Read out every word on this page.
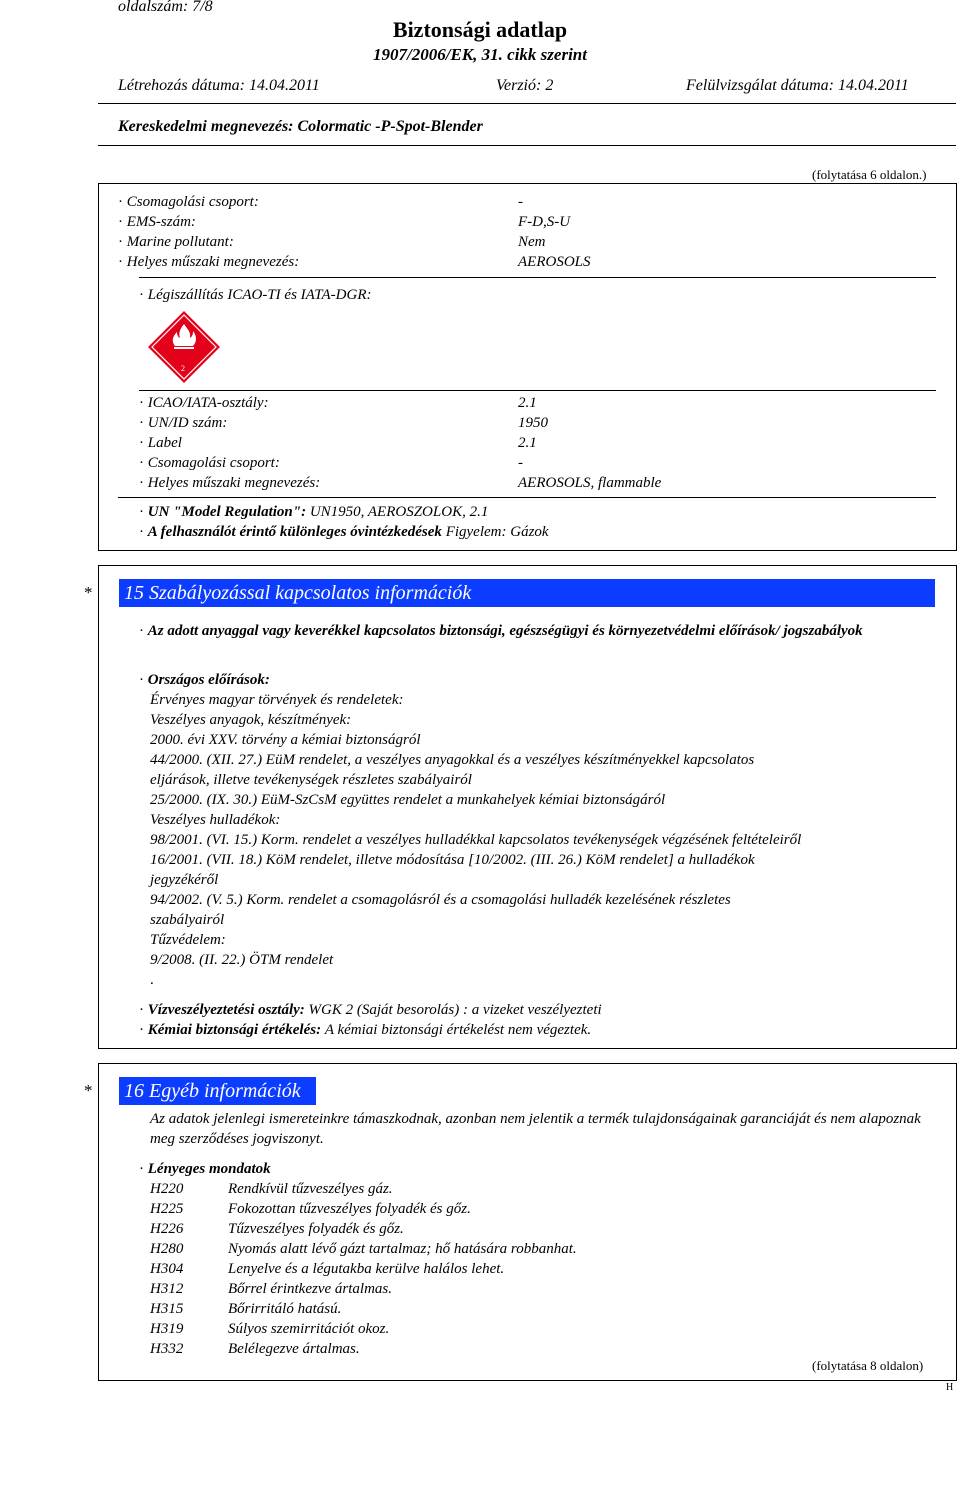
oldalszám: 7/8
Biztonsági adatlap
1907/2006/EK, 31. cikk szerint
Létrehozás dátuma: 14.04.2011	Verzió: 2	Felülvizsgálat dátuma: 14.04.2011
Kereskedelmi megnevezés: Colormatic -P-Spot-Blender
(folytatása 6 oldalon.)
· Csomagolási csoport:	-
· EMS-szám:	F-D,S-U
· Marine pollutant:	Nem
· Helyes műszaki megnevezés:	AEROSOLS
· Légiszállítás ICAO-TI és IATA-DGR:
2
· ICAO/IATA-osztály:	2.1
· UN/ID szám:	1950
· Label	2.1
· Csomagolási csoport:	-
· Helyes műszaki megnevezés:	AEROSOLS, flammable
· UN "Model Regulation": UN1950, AEROSZOLOK, 2.1
· A felhasználót érintő különleges óvintézkedések Figyelem: Gázok
* 15 Szabályozással kapcsolatos információk
· Az adott anyaggal vagy keverékkel kapcsolatos biztonsági, egészségügyi és környezetvédelmi előírások/ jogszabályok
· Országos előírások:
Érvényes magyar törvények és rendeletek:
Veszélyes anyagok, készítmények:
2000. évi XXV. törvény a kémiai biztonságról
44/2000. (XII. 27.) EüM rendelet, a veszélyes anyagokkal és a veszélyes készítményekkel kapcsolatos
eljárások, illetve tevékenységek részletes szabályairól
25/2000. (IX. 30.) EüM-SzCsM együttes rendelet a munkahelyek kémiai biztonságáról
Veszélyes hulladékok:
98/2001. (VI. 15.) Korm. rendelet a veszélyes hulladékkal kapcsolatos tevékenységek végzésének feltételeiről
16/2001. (VII. 18.) KöM rendelet, illetve módosítása [10/2002. (III. 26.) KöM rendelet] a hulladékok
jegyzékéről
94/2002. (V. 5.) Korm. rendelet a csomagolásról és a csomagolási hulladék kezelésének részletes
szabályairól
Tűzvédelem:
9/2008. (II. 22.) ÖTM rendelet
.
· Vízveszélyeztetési osztály: WGK 2 (Saját besorolás) : a vizeket veszélyezteti
· Kémiai biztonsági értékelés: A kémiai biztonsági értékelést nem végeztek.
* 16 Egyéb információk
Az adatok jelenlegi ismereteinkre támaszkodnak, azonban nem jelentik a termék tulajdonságainak garanciáját és nem alapoznak meg szerződéses jogviszonyt.
· Lényeges mondatok
H220	Rendkívül tűzveszélyes gáz.
H225	Fokozottan tűzveszélyes folyadék és gőz.
H226	Tűzveszélyes folyadék és gőz.
H280	Nyomás alatt lévő gázt tartalmaz; hő hatására robbanhat.
H304	Lenyelve és a légutakba kerülve halálos lehet.
H312	Bőrrel érintkezve ártalmas.
H315	Bőrirritáló hatású.
H319	Súlyos szemirritációt okoz.
H332	Belélegezve ártalmas.
(folytatása 8 oldalon)
H
